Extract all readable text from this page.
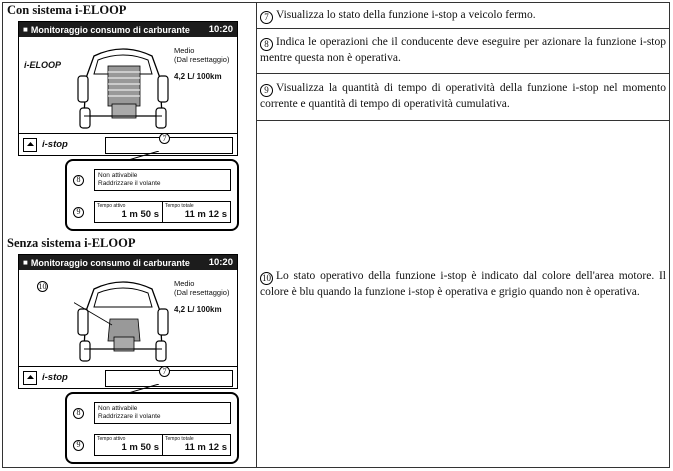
Con sistema i-ELOOP
■ Monitoraggio consumo di carburante	10:20
i-ELOOP
Medio
(Dal resettaggio)
4,2 L/ 100km
i-stop
7
8	Non attivabile
Raddrizzare il volante
9
Tempo attivo
1 m 50 s
Tempo totale
11 m 12 s
Senza sistema i-ELOOP
■ Monitoraggio consumo di carburante	10:20
10	Medio
(Dal resettaggio)
4,2 L/ 100km
i-stop
7
8	Non attivabile
Raddrizzare il volante
9
Tempo attivo
1 m 50 s
Tempo totale
11 m 12 s
7 Visualizza lo stato della funzione i-stop a veicolo fermo.
8 Indica le operazioni che il conducente deve eseguire per azionare la funzione i-stop mentre questa non è operativa.
9 Visualizza la quantità di tempo di operatività della funzione i-stop nel momento corrente e quantità di tempo di operatività cumulativa.
10 Lo stato operativo della funzione i-stop è indicato dal colore dell'area motore. Il colore è blu quando la funzione i-stop è operativa e grigio quando non è operativa.
